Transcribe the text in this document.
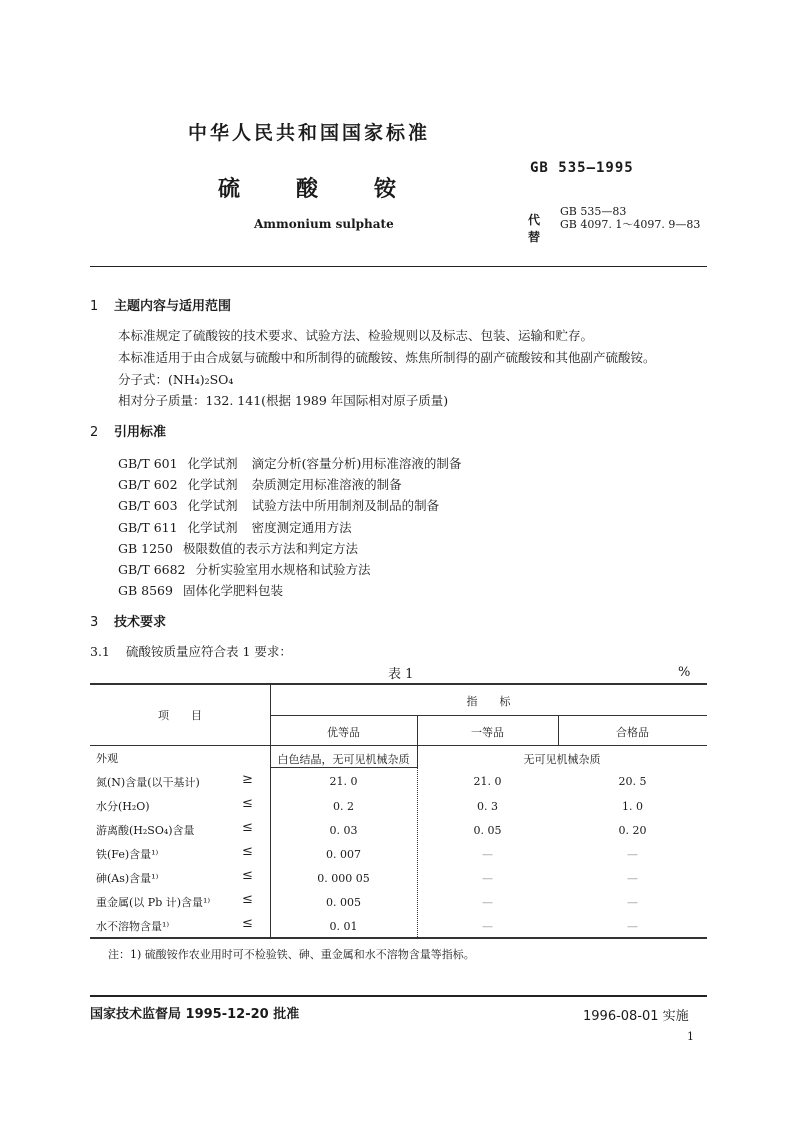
中华人民共和国国家标准
GB 535—1995
硫	酸	铵
Ammonium sulphate	代替
GB 535—83
GB 4097. 1～4097. 9—83
1 主题内容与适用范围
本标准规定了硫酸铵的技术要求、试验方法、检验规则以及标志、包装、运输和贮存。
本标准适用于由合成氨与硫酸中和所制得的硫酸铵、炼焦所制得的副产硫酸铵和其他副产硫酸铵。
分子式：(NH₄)₂SO₄
相对分子质量：132. 141(根据 1989 年国际相对原子质量)
2 引用标准
GB/T 601 化学试剂 滴定分析(容量分析)用标准溶液的制备
GB/T 602 化学试剂 杂质测定用标准溶液的制备
GB/T 603 化学试剂 试验方法中所用制剂及制品的制备
GB/T 611 化学试剂 密度测定通用方法
GB 1250 极限数值的表示方法和判定方法
GB/T 6682 分析实验室用水规格和试验方法
GB 8569 固体化学肥料包装
3 技术要求
3.1 硫酸铵质量应符合表 1 要求：
表 1	%
项　　目
指　　标
优等品	一等品	合格品
外观	白色结晶，无可见机械杂质	无可见机械杂质
氮(N)含量(以干基计)	≥	21. 0	21. 0	20. 5
水分(H₂O)	≤	0. 2	0. 3	1. 0
游离酸(H₂SO₄)含量	≤	0. 03	0. 05	0. 20
铁(Fe)含量¹⁾	≤	0. 007	—	—
砷(As)含量¹⁾	≤	0. 000 05	—	—
重金属(以 Pb 计)含量¹⁾ ≤	0. 005	—	—
水不溶物含量¹⁾	≤	0. 01	—	—
注：1) 硫酸铵作农业用时可不检验铁、砷、重金属和水不溶物含量等指标。
国家技术监督局 1995-12-20 批准	1996-08-01 实施
1
